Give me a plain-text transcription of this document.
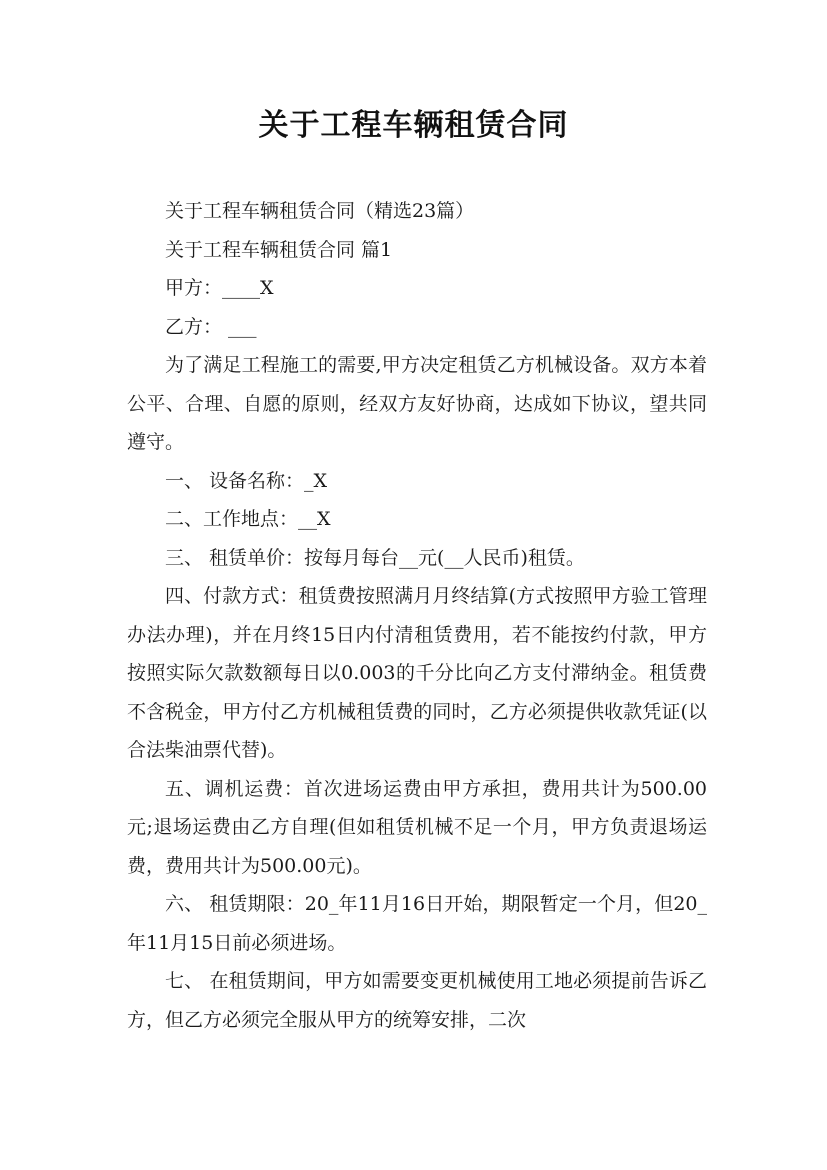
关于工程车辆租赁合同

关于工程车辆租赁合同（精选23篇）

关于工程车辆租赁合同 篇1

甲方：____X

乙方： ___

为了满足工程施工的需要,甲方决定租赁乙方机械设备。双方本着公平、合理、自愿的原则，经双方友好协商，达成如下协议，望共同遵守。

一、 设备名称：_X

二、工作地点：__X

三、 租赁单价：按每月每台__元(__人民币)租赁。

四、付款方式：租赁费按照满月月终结算(方式按照甲方验工管理办法办理)，并在月终15日内付清租赁费用，若不能按约付款，甲方按照实际欠款数额每日以0.003的千分比向乙方支付滞纳金。租赁费不含税金，甲方付乙方机械租赁费的同时，乙方必须提供收款凭证(以合法柴油票代替)。

五、调机运费：首次进场运费由甲方承担，费用共计为500.00元;退场运费由乙方自理(但如租赁机械不足一个月，甲方负责退场运费，费用共计为500.00元)。

六、 租赁期限：20_年11月16日开始，期限暂定一个月，但20_年11月15日前必须进场。

七、 在租赁期间，甲方如需要变更机械使用工地必须提前告诉乙方，但乙方必须完全服从甲方的统筹安排，二次
